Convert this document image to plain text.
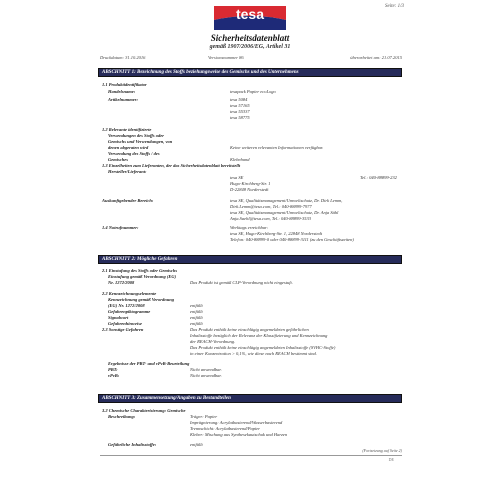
Seite: 1/3
tesa
Sicherheitsdatenblatt
gemäß 1907/2006/EG, Artikel 31
Druckdatum: 31.10.2016	Versionsnummer 86	überarbeitet am: 21.07.2015
ABSCHNITT 1: Bezeichnung des Stoffs beziehungsweise des Gemischs und des Unternehmens
1.1 Produktidentifikator
Handelsname:	tesapack Papier ecoLogo
Artikelnummer:	tesa 5084
tesa 57165
tesa 55337
tesa 58775
1.2 Relevante identifizierte
Verwendungen des Stoffs oder
Gemischs und Verwendungen, von
denen abgeraten wird	Keine weiteren relevanten Informationen verfügbar.
Verwendung des Stoffs / des
Gemisches	Klebeband
1.3 Einzelheiten zum Lieferanten, der das Sicherheitsdatenblatt bereitstellt
Hersteller/Lieferant:
tesa SE	Tel.: 040-88899-232
Hugo-Kirchberg-Str. 1
D-22848 Norderstedt
Auskunftgebender Bereich:	tesa SE, Qualitätsmanagement/Umweltschutz, Dr. Dirk Lemm,
Dirk.Lemm@tesa.com, Tel.: 040-88899-7977
tesa SE, Qualitätsmanagement/Umweltschutz, Dr. Anja Sähl
Anja.Saehl@tesa.com, Tel.: 040-88899-3533
1.4 Notrufnummer:	Werktags erreichbar:
tesa SE, Hugo-Kirchberg-Str. 1, 22848 Norderstedt
Telefon: 040-88899-0 oder 040-88899-3111 (zu den Geschäftszeiten)
ABSCHNITT 2: Mögliche Gefahren
2.1 Einstufung des Stoffs oder Gemischs
Einstufung gemäß Verordnung (EG)
Nr. 1272/2008	Das Produkt ist gemäß CLP-Verordnung nicht eingestuft.
2.2 Kennzeichnungselemente
Kennzeichnung gemäß Verordnung
(EG) Nr. 1272/2008	entfällt
Gefahrenpiktogramme	entfällt
Signalwort	entfällt
Gefahrenhinweise	entfällt
2.3 Sonstige Gefahren	Das Produkt enthält keine einschlägig angemeldeten gefährlichen
Inhaltsstoffe bezüglich der Relevanz der Klassifizierung und Kennzeichnung
der REACH-Verordnung.
Das Produkt enthält keine einschlägig angemeldeten Inhaltsstoffe (SVHC-Stoffe)
in einer Konzentration > 0,1%, wie diese nach REACH bestimmt sind.
Ergebnisse der PBT- und vPvB-Beurteilung
PBT:	Nicht anwendbar.
vPvB:	Nicht anwendbar.
ABSCHNITT 3: Zusammensetzung/Angaben zu Bestandteilen
3.2 Chemische Charakterisierung: Gemische
Beschreibung:	Träger: Papier
Imprägnierung: Acrylatbasierend/Wasserbasierend
Trennschicht: Acrylatbasierend/Papier
Kleber: Mischung aus Synthesekautschuk und Harzen
Gefährliche Inhaltsstoffe:	entfällt
(Fortsetzung auf Seite 2)
DE
